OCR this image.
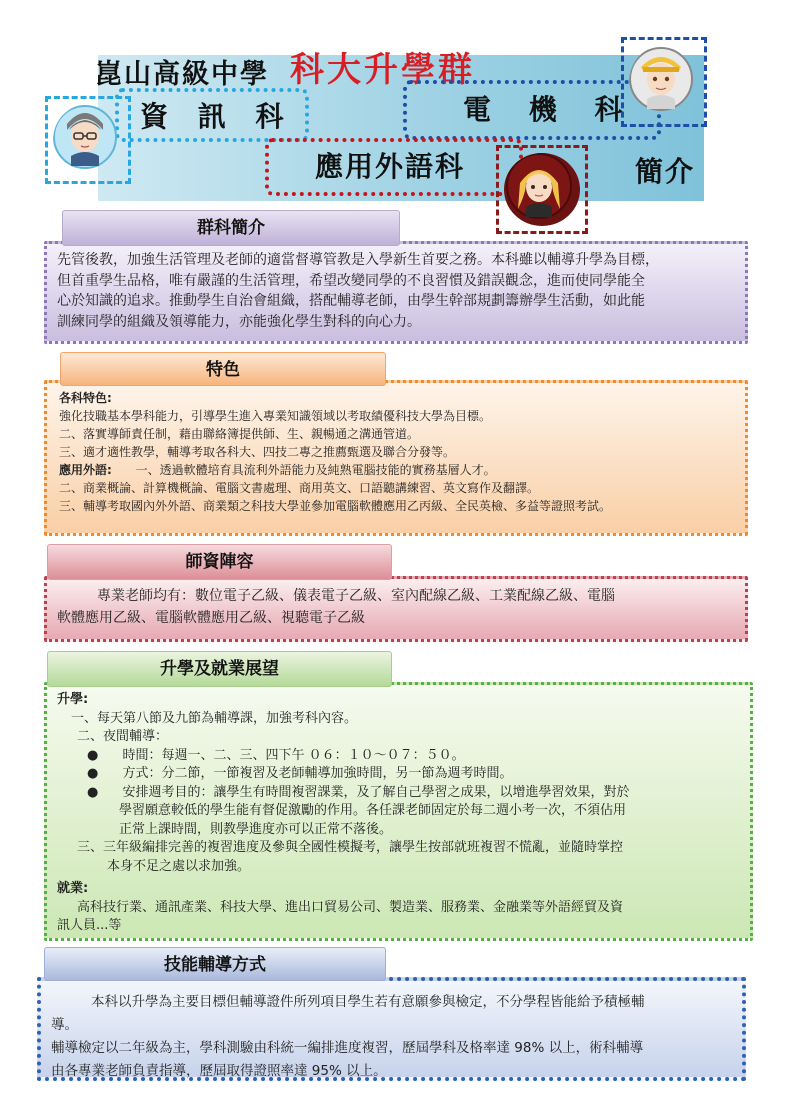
崑山高級中學 科大升學群
資 訊 科	電 機 科
應用外語科	簡介
先管後教，加強生活管理及老師的適當督導管教是入學新生首要之務。本科雖以輔導升學為目標，
但首重學生品格，唯有嚴謹的生活管理，希望改變同學的不良習慣及錯誤觀念，進而使同學能全
心於知識的追求。推動學生自治會組織，搭配輔導老師，由學生幹部規劃籌辦學生活動，如此能
訓練同學的組織及領導能力，亦能強化學生對科的向心力。
群科簡介
各科特色:
強化技職基本學科能力，引導學生進入專業知識領域以考取績優科技大學為目標。
二、落實導師責任制，藉由聯絡簿提供師、生、親暢通之溝通管道。
三、適才適性教學，輔導考取各科大、四技二專之推薦甄選及聯合分發等。
應用外語: 一、透過軟體培育具流利外語能力及純熟電腦技能的實務基層人才。
二、商業概論、計算機概論、電腦文書處理、商用英文、口語聽講練習、英文寫作及翻譯。
三、輔導考取國內外外語、商業類之科技大學並參加電腦軟體應用乙丙級、全民英檢、多益等證照考試。
特色
專業老師均有：數位電子乙級、儀表電子乙級、室內配線乙級、工業配線乙級、電腦
軟體應用乙級、電腦軟體應用乙級、視聽電子乙級
師資陣容
升學:
一、每天第八節及九節為輔導課，加強考科內容。
二、夜間輔導：
● 時間：每週一、二、三、四下午 ０６：１０～０７：５０。
● 方式：分二節，一節複習及老師輔導加強時間，另一節為週考時間。
● 安排週考目的：讓學生有時間複習課業，及了解自己學習之成果，以增進學習效果，對於
學習願意較低的學生能有督促激勵的作用。各任課老師固定於每二週小考一次，不須佔用
正常上課時間，則教學進度亦可以正常不落後。
三、三年級編排完善的複習進度及參與全國性模擬考，讓學生按部就班複習不慌亂，並隨時掌控
本身不足之處以求加強。
就業:
高科技行業、通訊產業、科技大學、進出口貿易公司、製造業、服務業、金融業等外語經貿及資
訊人員...等
升學及就業展望
本科以升學為主要目標但輔導證件所列項目學生若有意願參與檢定，不分學程皆能給予積極輔
導。
輔導檢定以二年級為主，學科測驗由科統一編排進度複習，歷屆學科及格率達 98% 以上，術科輔導
由各專業老師負責指導，歷屆取得證照率達 95% 以上。
技能輔導方式
